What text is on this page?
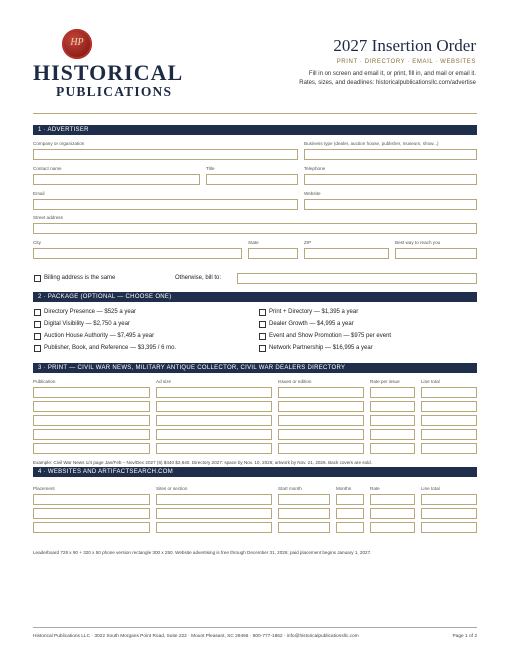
HP
HISTORICAL
PUBLICATIONS
2027 Insertion Order
PRINT · DIRECTORY · EMAIL · WEBSITES
Fill in on screen and email it, or print, fill in, and mail or email it.
Rates, sizes, and deadlines: historicalpublicationsllc.com/advertise
1 · ADVERTISER
Company or organization	Business type (dealer, auction house, publisher, museum, show...)
Contact name	Title	Telephone
Email	Website
Street address
City	State	ZIP	Best way to reach you
Billing address is the same	Otherwise, bill to:
2 · PACKAGE (OPTIONAL — CHOOSE ONE)
Directory Presence — $525 a year
Digital Visibility — $2,750 a year
Auction House Authority — $7,495 a year
Publisher, Book, and Reference — $3,395 / 6 mo.
Print + Directory — $1,395 a year
Dealer Growth — $4,995 a year
Event and Show Promotion — $975 per event
Network Partnership — $16,995 a year
3 · PRINT — CIVIL WAR NEWS, MILITARY ANTIQUE COLLECTOR, CIVIL WAR DEALERS DIRECTORY
Publication	Ad size	Issues or edition	Rate per issue	Line total
Example: Civil War News 1/4 page Jan/Feb – Nov/Dec 2027 (6) $440 $2,640. Directory 2027: space by Nov. 10, 2026; artwork by Nov. 21, 2026. Back covers are sold.
4 · WEBSITES AND ARTIFACTSEARCH.COM
Placement	Sites or section	Start month	Months	Rate	Line total
Leaderboard 728 x 90 + 320 x 50 phone version rectangle 300 x 250. Website advertising is free through December 31, 2026; paid placement begins January 1, 2027.
Historical Publications LLC · 3022 South Morgans Point Road, Suite 222 · Mount Pleasant, SC 29466 · 800-777-1862 · info@historicalpublicationsllc.com	Page 1 of 2
